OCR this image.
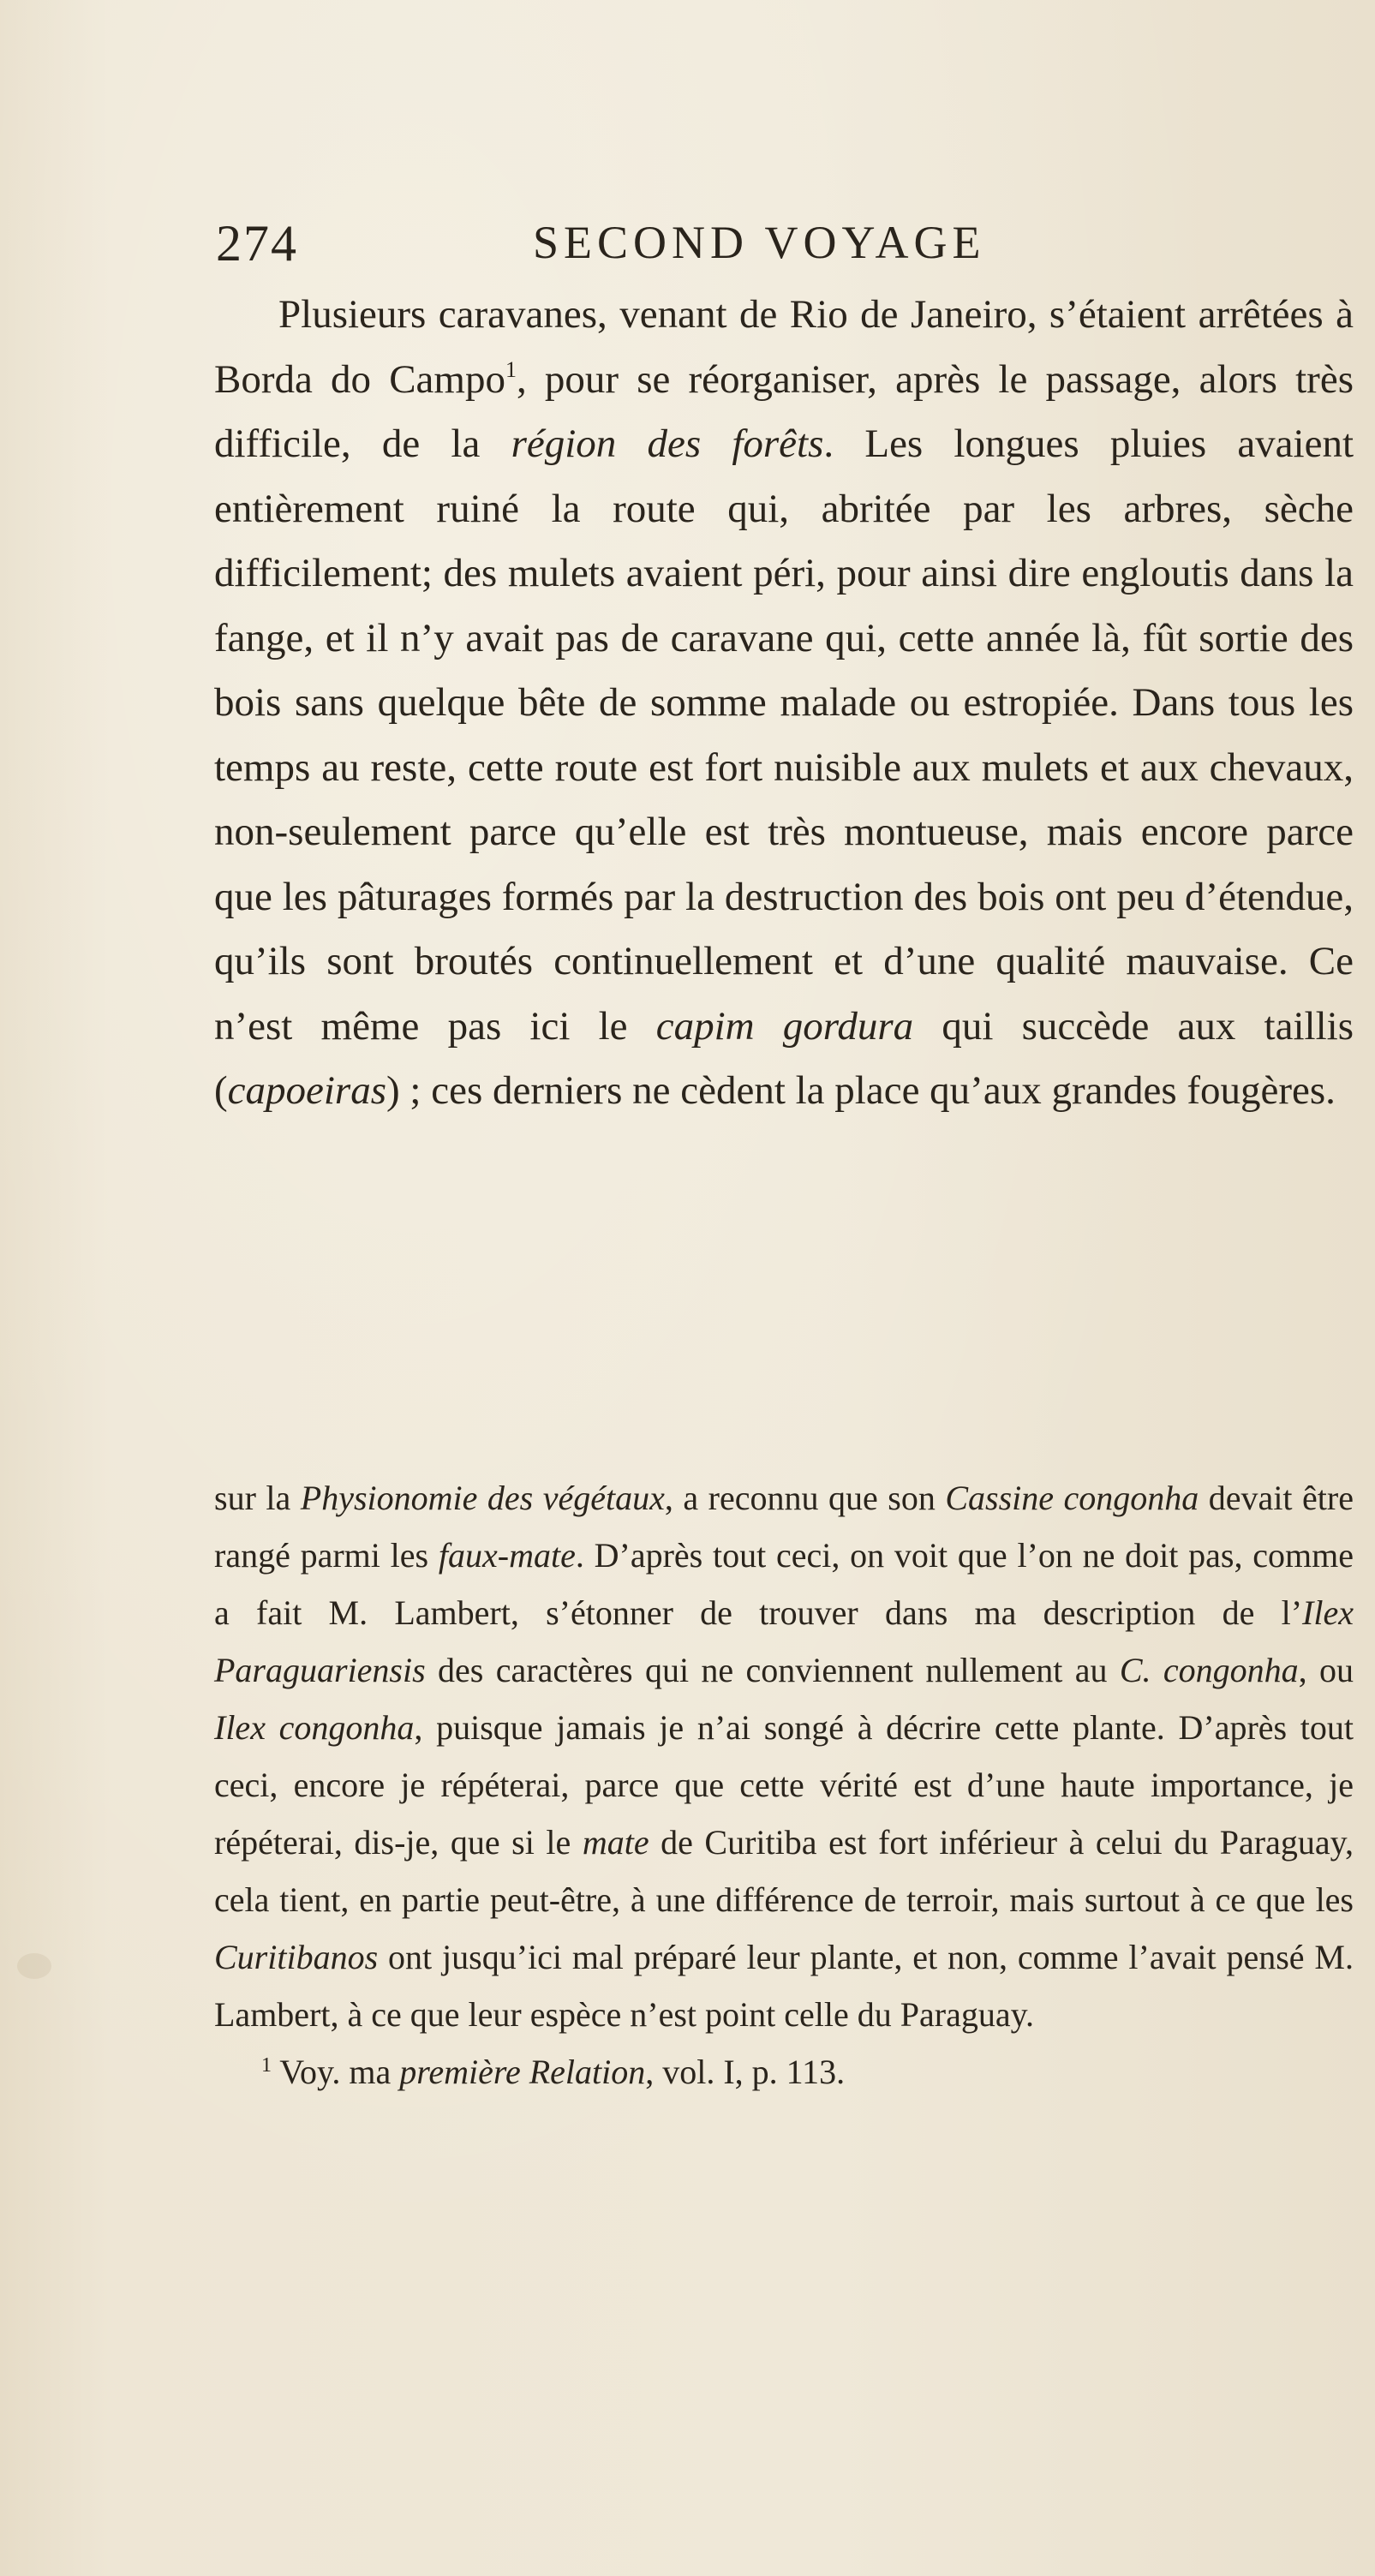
274	SECOND VOYAGE

Plusieurs caravanes, venant de Rio de Janeiro, s’étaient arrêtées à Borda do Campo$^1$, pour se réorganiser, après le passage, alors très difficile, de la région des forêts. Les longues pluies avaient entièrement ruiné la route qui, abritée par les arbres, sèche difficilement; des mulets avaient péri, pour ainsi dire engloutis dans la fange, et il n’y avait pas de caravane qui, cette année là, fût sortie des bois sans quelque bête de somme malade ou estropiée. Dans tous les temps au reste, cette route est fort nuisible aux mulets et aux chevaux, non-seulement parce qu’elle est très montueuse, mais encore parce que les pâturages formés par la destruction des bois ont peu d’étendue, qu’ils sont broutés continuellement et d’une qualité mauvaise. Ce n’est même pas ici le capim gordura qui succède aux taillis (capoeiras) ; ces derniers ne cèdent la place qu’aux grandes fougères.

sur la Physionomie des végétaux, a reconnu que son Cassine congonha devait être rangé parmi les faux-mate. D’après tout ceci, on voit que l’on ne doit pas, comme a fait M. Lambert, s’étonner de trouver dans ma description de l’Ilex Paraguariensis des caractères qui ne conviennent nullement au C. congonha, ou Ilex congonha, puisque jamais je n’ai songé à décrire cette plante. D’après tout ceci, encore je répéterai, parce que cette vérité est d’une haute importance, je répéterai, dis-je, que si le mate de Curitiba est fort inférieur à celui du Paraguay, cela tient, en partie peut-être, à une différence de terroir, mais surtout à ce que les Curitibanos ont jusqu’ici mal préparé leur plante, et non, comme l’avait pensé M. Lambert, à ce que leur espèce n’est point celle du Paraguay.

$^1$ Voy. ma première Relation, vol. I, p. 113.
